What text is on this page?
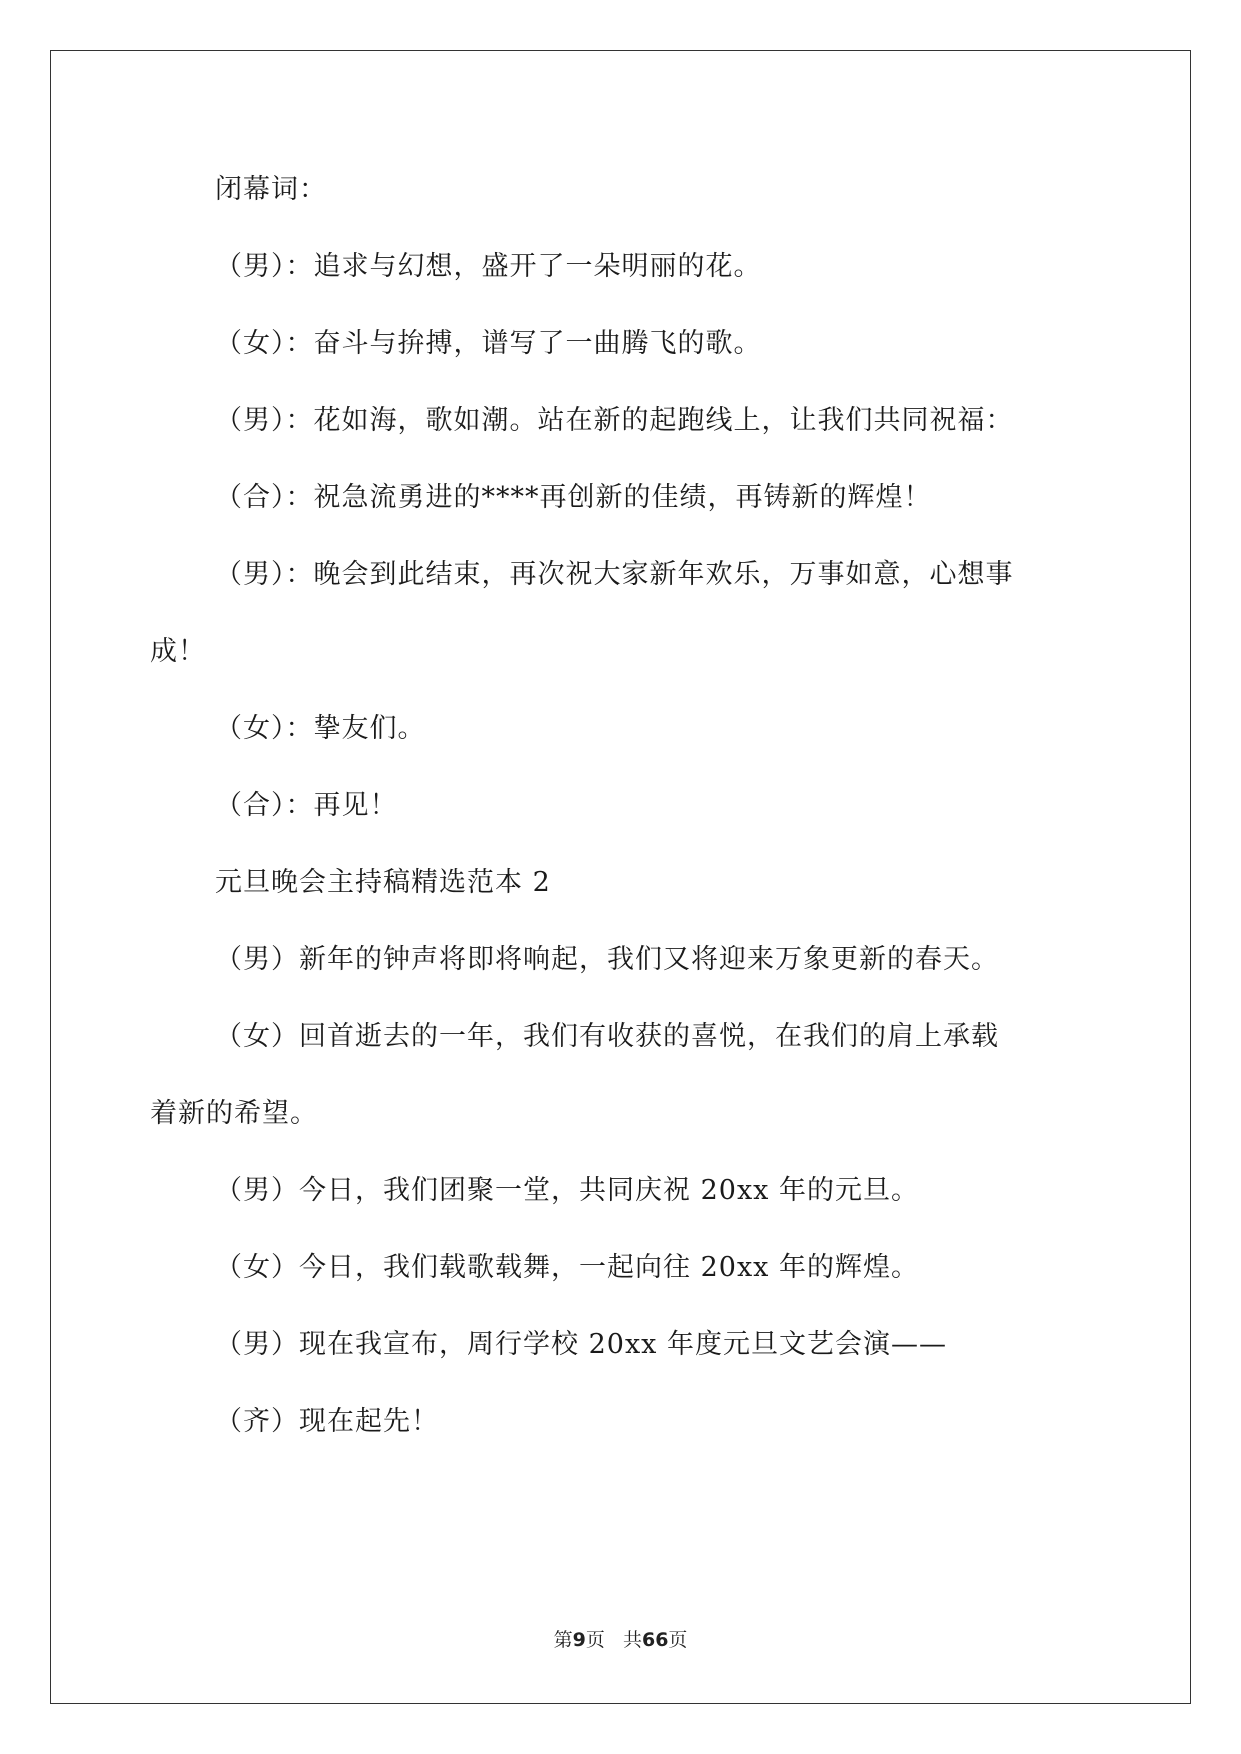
闭幕词：
（男）：追求与幻想，盛开了一朵明丽的花。
（女）：奋斗与拚搏，谱写了一曲腾飞的歌。
（男）：花如海，歌如潮。站在新的起跑线上，让我们共同祝福：
（合）：祝急流勇进的****再创新的佳绩，再铸新的辉煌！
（男）：晚会到此结束，再次祝大家新年欢乐，万事如意，心想事
成！
（女）：挚友们。
（合）：再见！
元旦晚会主持稿精选范本 2
（男）新年的钟声将即将响起，我们又将迎来万象更新的春天。
（女）回首逝去的一年，我们有收获的喜悦，在我们的肩上承载
着新的希望。
（男）今日，我们团聚一堂，共同庆祝 20xx 年的元旦。
（女）今日，我们载歌载舞，一起向往 20xx 年的辉煌。
（男）现在我宣布，周行学校 20xx 年度元旦文艺会演——
（齐）现在起先！
第9页 共66页
